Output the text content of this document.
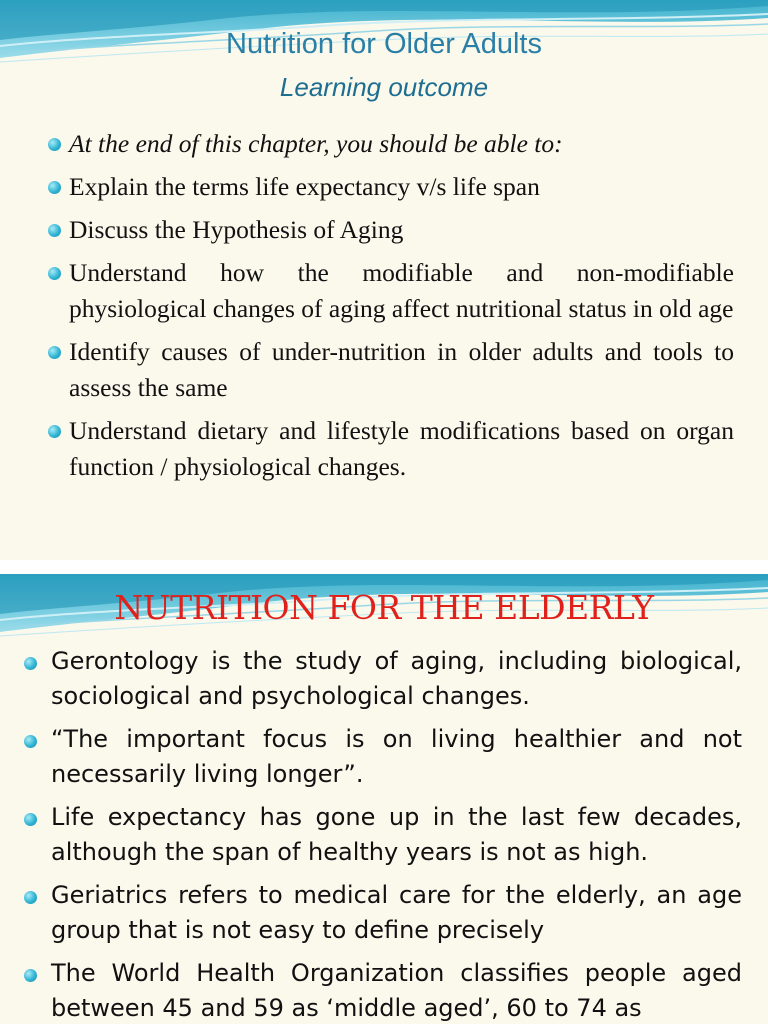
Nutrition for Older Adults
Learning outcome
At the end of this chapter, you should be able to:
Explain the terms life expectancy v/s life span
Discuss the Hypothesis of Aging
Understand how the modifiable and non-modifiable physiological changes of aging affect nutritional status in old age
Identify causes of under-nutrition in older adults and tools to assess the same
Understand dietary and lifestyle modifications based on organ function / physiological changes.
NUTRITION FOR THE ELDERLY
Gerontology is the study of aging, including biological, sociological and psychological changes.
“The important focus is on living healthier and not necessarily living longer”.
Life expectancy has gone up in the last few decades, although the span of healthy years is not as high.
Geriatrics refers to medical care for the elderly, an age group that is not easy to define precisely
The World Health Organization classifies people aged between 45 and 59 as ‘middle aged’, 60 to 74 as
